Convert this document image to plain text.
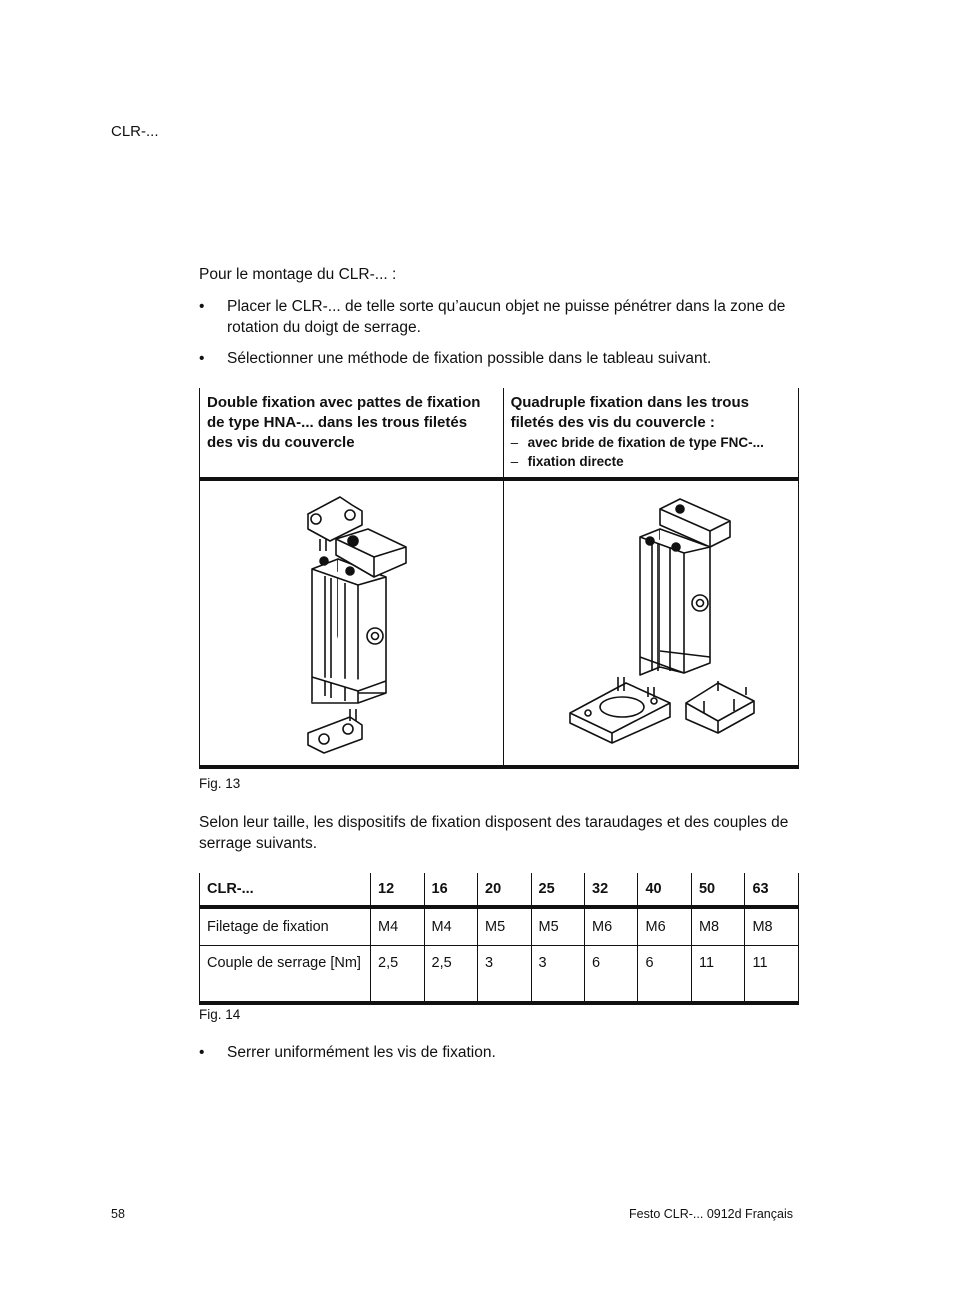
CLR-...
Pour le montage du CLR-... :
•	Placer le CLR-... de telle sorte qu’aucun objet ne puisse pénétrer dans la zone de rotation du doigt de serrage.
•	Sélectionner une méthode de fixation possible dans le tableau suivant.
Double fixation avec pattes de fixation de type HNA-... dans les trous filetés des vis du couvercle
Quadruple fixation dans les trous filetés des vis du couvercle :
– avec bride de fixation de type FNC-...
– fixation directe
Fig. 13
Selon leur taille, les dispositifs de fixation disposent des taraudages et des couples de serrage suivants.
CLR-...	12	16	20	25	32	40	50	63
Filetage de fixation	M4	M4	M5	M5	M6	M6	M8	M8
Couple de serrage [Nm]	2,5	2,5	3	3	6	6	11	11
Fig. 14
•	Serrer uniformément les vis de fixation.
58	Festo CLR-... 0912d Français
